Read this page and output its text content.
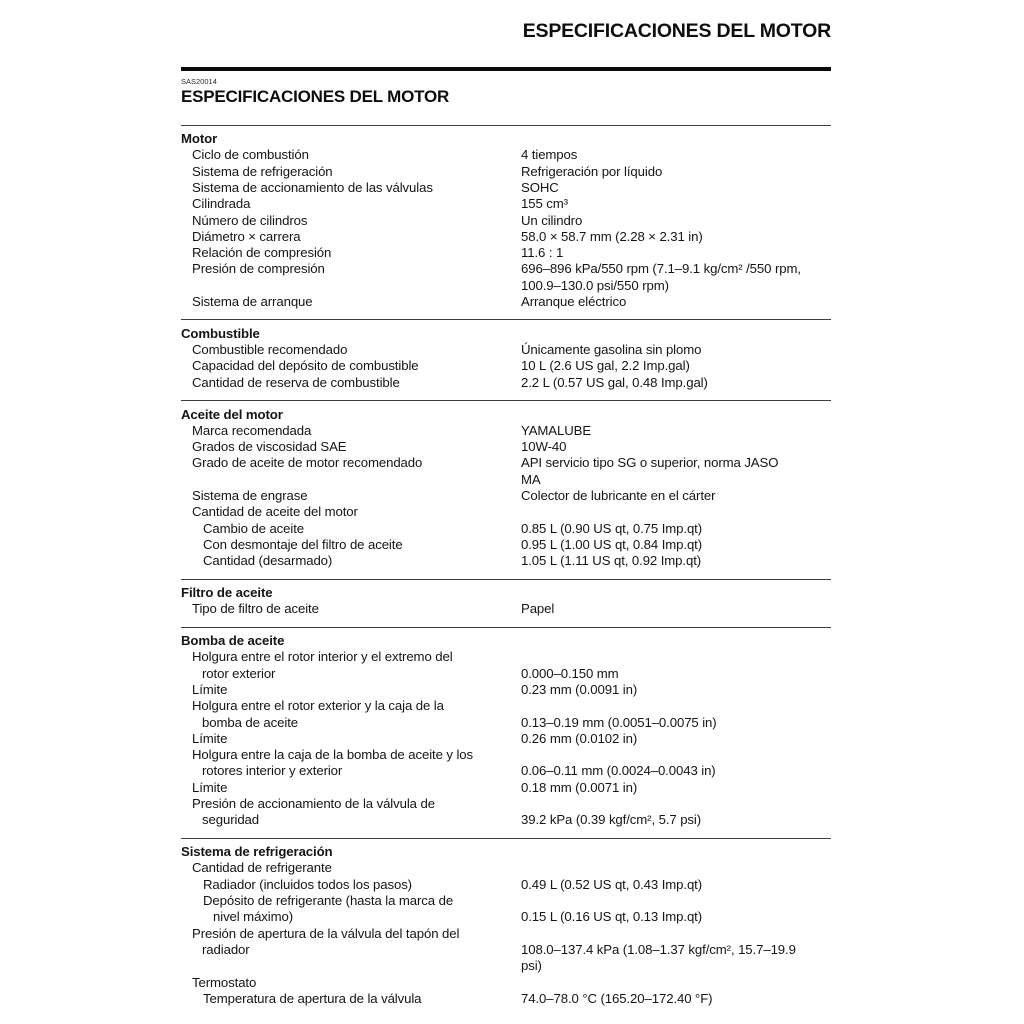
ESPECIFICACIONES DEL MOTOR
SAS20014
ESPECIFICACIONES DEL MOTOR
Motor
Ciclo de combustión	4 tiempos
Sistema de refrigeración	Refrigeración por líquido
Sistema de accionamiento de las válvulas	SOHC
Cilindrada	155 cm³
Número de cilindros	Un cilindro
Diámetro × carrera	58.0 × 58.7 mm (2.28 × 2.31 in)
Relación de compresión	11.6 : 1
Presión de compresión	696–896 kPa/550 rpm (7.1–9.1 kg/cm² /550 rpm,
100.9–130.0 psi/550 rpm)
Sistema de arranque	Arranque eléctrico
Combustible
Combustible recomendado	Únicamente gasolina sin plomo
Capacidad del depósito de combustible	10 L (2.6 US gal, 2.2 Imp.gal)
Cantidad de reserva de combustible	2.2 L (0.57 US gal, 0.48 Imp.gal)
Aceite del motor
Marca recomendada	YAMALUBE
Grados de viscosidad SAE	10W-40
Grado de aceite de motor recomendado	API servicio tipo SG o superior, norma JASO
MA
Sistema de engrase	Colector de lubricante en el cárter
Cantidad de aceite del motor
Cambio de aceite	0.85 L (0.90 US qt, 0.75 Imp.qt)
Con desmontaje del filtro de aceite	0.95 L (1.00 US qt, 0.84 Imp.qt)
Cantidad (desarmado)	1.05 L (1.11 US qt, 0.92 Imp.qt)
Filtro de aceite
Tipo de filtro de aceite	Papel
Bomba de aceite
Holgura entre el rotor interior y el extremo del
rotor exterior	0.000–0.150 mm
Límite	0.23 mm (0.0091 in)
Holgura entre el rotor exterior y la caja de la
bomba de aceite	0.13–0.19 mm (0.0051–0.0075 in)
Límite	0.26 mm (0.0102 in)
Holgura entre la caja de la bomba de aceite y los
rotores interior y exterior	0.06–0.11 mm (0.0024–0.0043 in)
Límite	0.18 mm (0.0071 in)
Presión de accionamiento de la válvula de
seguridad	39.2 kPa (0.39 kgf/cm², 5.7 psi)
Sistema de refrigeración
Cantidad de refrigerante
Radiador (incluidos todos los pasos)	0.49 L (0.52 US qt, 0.43 Imp.qt)
Depósito de refrigerante (hasta la marca de
nivel máximo)	0.15 L (0.16 US qt, 0.13 Imp.qt)
Presión de apertura de la válvula del tapón del
radiador	108.0–137.4 kPa (1.08–1.37 kgf/cm², 15.7–19.9
psi)
Termostato
Temperatura de apertura de la válvula	74.0–78.0 °C (165.20–172.40 °F)
